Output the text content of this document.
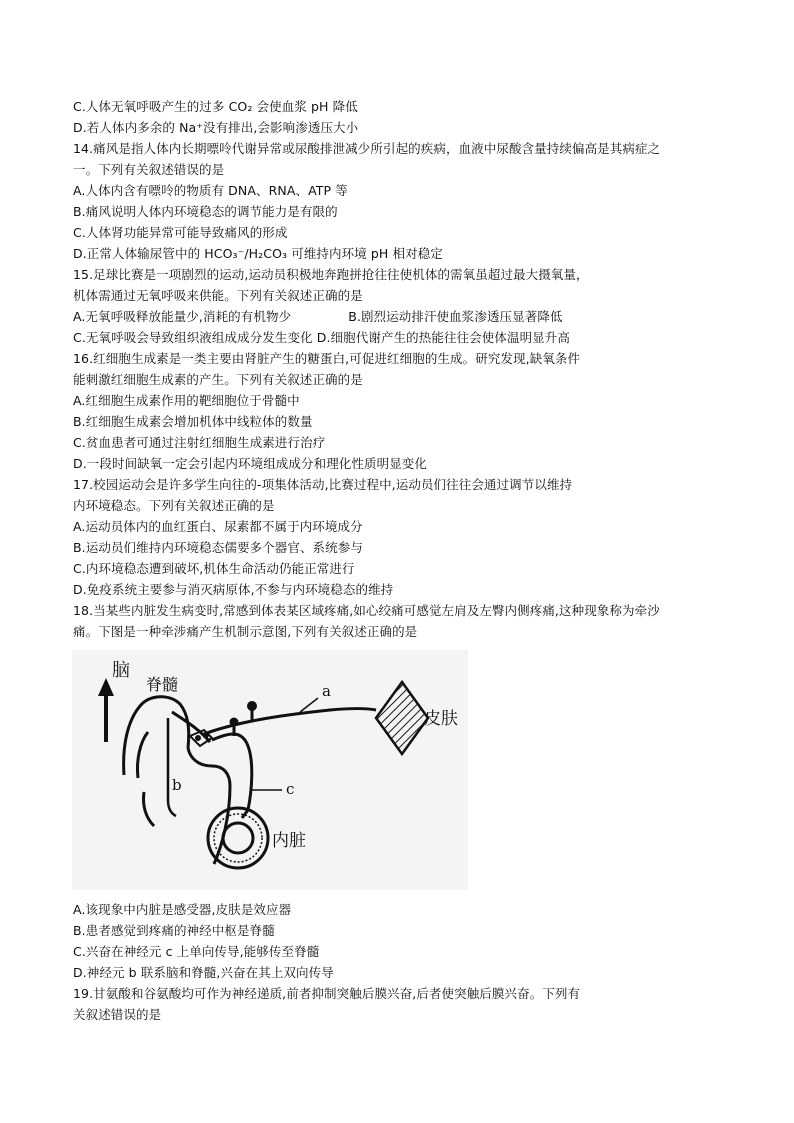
C.人体无氧呼吸产生的过多 CO₂ 会使血浆 pH 降低
D.若人体内多余的 Na⁺没有排出,会影响渗透压大小
14.痛风是指人体内长期嘌呤代谢异常或尿酸排泄减少所引起的疾病，血液中尿酸含量持续偏高是其病症之
一。下列有关叙述错误的是
A.人体内含有嘌呤的物质有 DNA、RNA、ATP 等
B.痛风说明人体内环境稳态的调节能力是有限的
C.人体肾功能异常可能导致痛风的形成
D.正常人体输尿管中的 HCO₃⁻/H₂CO₃ 可维持内环境 pH 相对稳定
15.足球比赛是一项剧烈的运动,运动员积极地奔跑拼抢往往使机体的需氧虽超过最大摄氧量，
机体需通过无氧呼吸来供能。下列有关叙述正确的是
A.无氧呼吸释放能量少,消耗的有机物少              B.剧烈运动排汗使血浆渗透压显著降低
C.无氧呼吸会导致组织液组成成分发生变化 D.细胞代谢产生的热能往往会使体温明显升高
16.红细胞生成素是一类主要由肾脏产生的糖蛋白,可促进红细胞的生成。研究发现,缺氧条件
能刺激红细胞生成素的产生。下列有关叙述正确的是
A.红细胞生成素作用的靶细胞位于骨髓中
B.红细胞生成素会增加机体中线粒体的数量
C.贫血患者可通过注射红细胞生成素进行治疗
D.一段时间缺氧一定会引起内环境组成成分和理化性质明显变化
17.校园运动会是许多学生向往的-项集体活动,比赛过程中,运动员们往往会通过调节以维持
内环境稳态。下列有关叙述正确的是
A.运动员体内的血红蛋白、尿素都不属于内环境成分
B.运动员们维持内环境稳态儒要多个器官、系统参与
C.内环境稳态遭到破坏,机体生命活动仍能正常进行
D.免疫系统主要参与消灭病原体,不参与内环境稳态的维持
18.当某些内脏发生病变时,常感到体表某区域疼痛,如心绞痛可感觉左肩及左臀内侧疼痛,这种现象称为牵沙
痛。下图是一种牵涉痛产生机制示意图,下列有关叙述正确的是
脑
脊髓
皮肤
内脏
a
b	c
A.该现象中内脏是感受器,皮肤是效应器
B.患者感觉到疼痛的神经中枢是脊髓
C.兴奋在神经元 c 上单向传导,能够传至脊髓
D.神经元 b 联系脑和脊髓,兴奋在其上双向传导
19.甘氨酸和谷氨酸均可作为神经递质,前者抑制突触后膜兴奋,后者使突触后膜兴奋。下列有
关叙述错误的是
